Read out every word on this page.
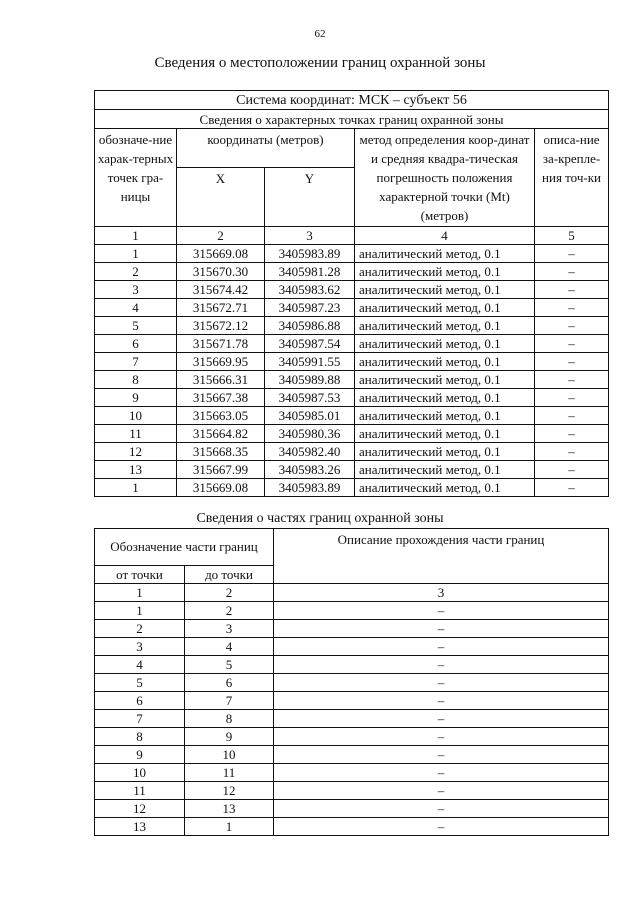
62
Сведения о местоположении границ охранной зоны
Система координат: МСК – субъект 56				
Сведения о характерных точках границ охранной зоны				
обозначе-ние харак-терных точек гра-ницы	координаты (метров)		метод определения коор-динат и средняя квадра-тическая погрешность положения характерной точки (Mt) (метров)	описа-ние за-крепле-ния точ-ки
	X	Y		
1	2	3	4	5
1	315669.08	3405983.89	аналитический метод, 0.1	–
2	315670.30	3405981.28	аналитический метод, 0.1	–
3	315674.42	3405983.62	аналитический метод, 0.1	–
4	315672.71	3405987.23	аналитический метод, 0.1	–
5	315672.12	3405986.88	аналитический метод, 0.1	–
6	315671.78	3405987.54	аналитический метод, 0.1	–
7	315669.95	3405991.55	аналитический метод, 0.1	–
8	315666.31	3405989.88	аналитический метод, 0.1	–
9	315667.38	3405987.53	аналитический метод, 0.1	–
10	315663.05	3405985.01	аналитический метод, 0.1	–
11	315664.82	3405980.36	аналитический метод, 0.1	–
12	315668.35	3405982.40	аналитический метод, 0.1	–
13	315667.99	3405983.26	аналитический метод, 0.1	–
1	315669.08	3405983.89	аналитический метод, 0.1	–
Сведения о частях границ охранной зоны
Обозначение части границ		Описание прохождения части границ
от точки	до точки	
1	2	3
1	2	–
2	3	–
3	4	–
4	5	–
5	6	–
6	7	–
7	8	–
8	9	–
9	10	–
10	11	–
11	12	–
12	13	–
13	1	–
